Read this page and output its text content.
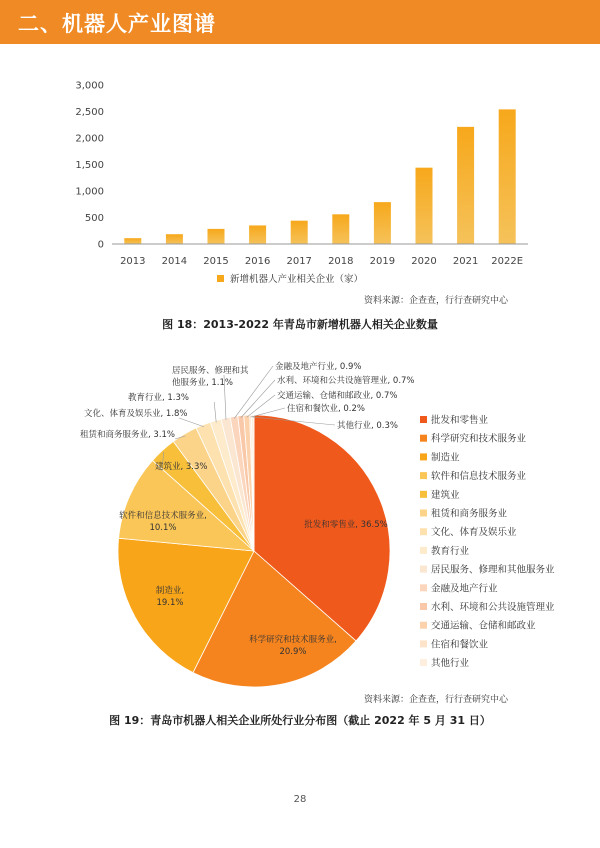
二、机器人产业图谱
0
500
1,000
1,500
2,000
2,500
3,000
2013 2014 2015 2016 2017 2018 2019 2020 2021 2022E
新增机器人产业相关企业（家）
资料来源：企查查，行行查研究中心
图 18：2013-2022 年青岛市新增机器人相关企业数量
批发和零售业, 36.5%
科学研究和技术服务业, 20.9%
制造业, 19.1%
软件和信息技术服务业, 10.1%
建筑业, 3.3%
租赁和商务服务业, 3.1%
文化、体育及娱乐业, 1.8%
教育行业, 1.3%
居民服务、修理和其他服务业, 1.1%
金融及地产行业, 0.9%
水利、环境和公共设施管理业, 0.7%
交通运输、仓储和邮政业, 0.7%
住宿和餐饮业, 0.2%
其他行业, 0.3%	批发和零售业
科学研究和技术服务业
制造业
软件和信息技术服务业
建筑业
租赁和商务服务业
文化、体育及娱乐业
教育行业
居民服务、修理和其他服务业
金融及地产行业
水利、环境和公共设施管理业
交通运输、仓储和邮政业
住宿和餐饮业
其他行业
资料来源：企查查，行行查研究中心
图 19：青岛市机器人相关企业所处行业分布图（截止 2022 年 5 月 31 日）
28
